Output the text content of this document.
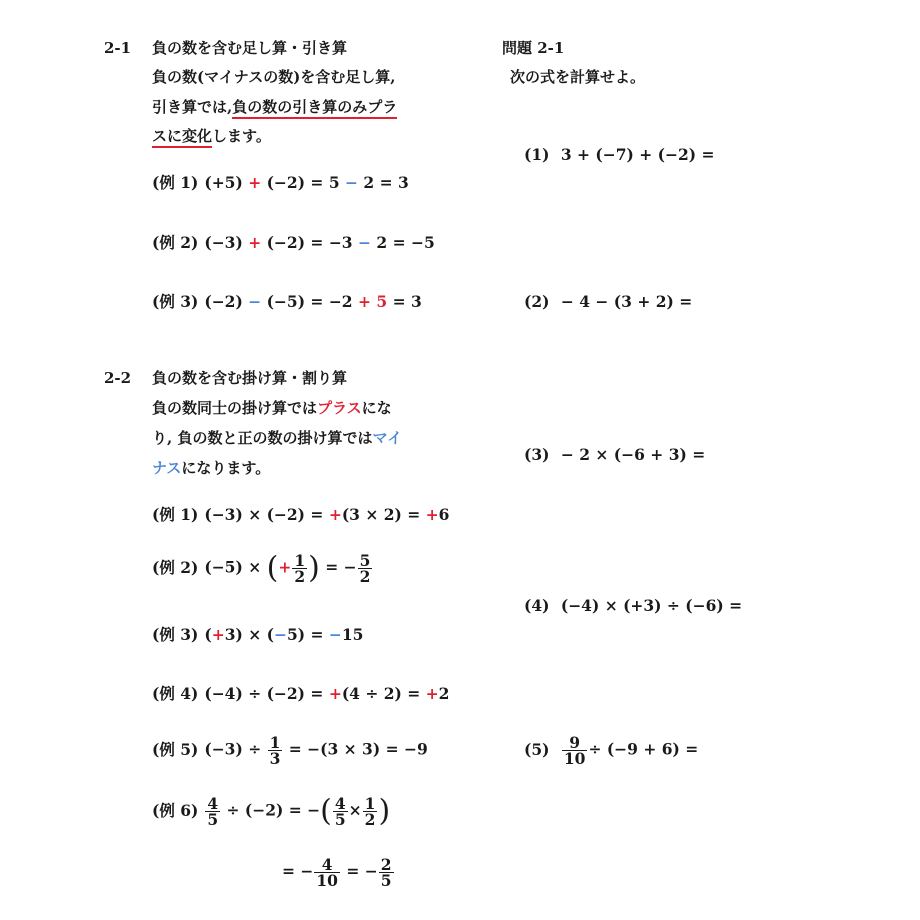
2-1 負の数を含む足し算・引き算
負の数(マイナスの数)を含む足し算,
引き算では,負の数の引き算のみプラ
スに変化します。
(例 1) (+5) + (−2) = 5 − 2 = 3
(例 2) (−3) + (−2) = −3 − 2 = −5
(例 3) (−2) − (−5) = −2 + 5 = 3
2-2 負の数を含む掛け算・割り算
負の数同士の掛け算ではプラスにな
り, 負の数と正の数の掛け算ではマイ
ナスになります。
(例 1) (−3) × (−2) = +(3 × 2) = +6
(例 2) (−5) × (+ $\frac{1}{2}$ ) = − $\frac{5}{2}$
(例 3) (+3) × (−5) = −15
(例 4) (−4) ÷ (−2) = +(4 ÷ 2) = +2
(例 5) $(-3) \div \frac{1}{3} = -(3 \times 3) = -9$
(例 $6) \frac{4}{5} \div (-2)$ = −( $\frac{4}{5} \times \frac{1}{2}$ )
= − $\frac{4}{10}$ = − $\frac{2}{5}$
問題 2-1
次の式を計算せよ。
(1) 3 + (−7) + (−2) =
(2) − 4 − (3 + 2) =
(3) − 2 × (−6 + 3) =
(4) (−4) × (+3) ÷ (−6) =
$(5) \frac{9}{10} \div (-9 + 6)$ =
